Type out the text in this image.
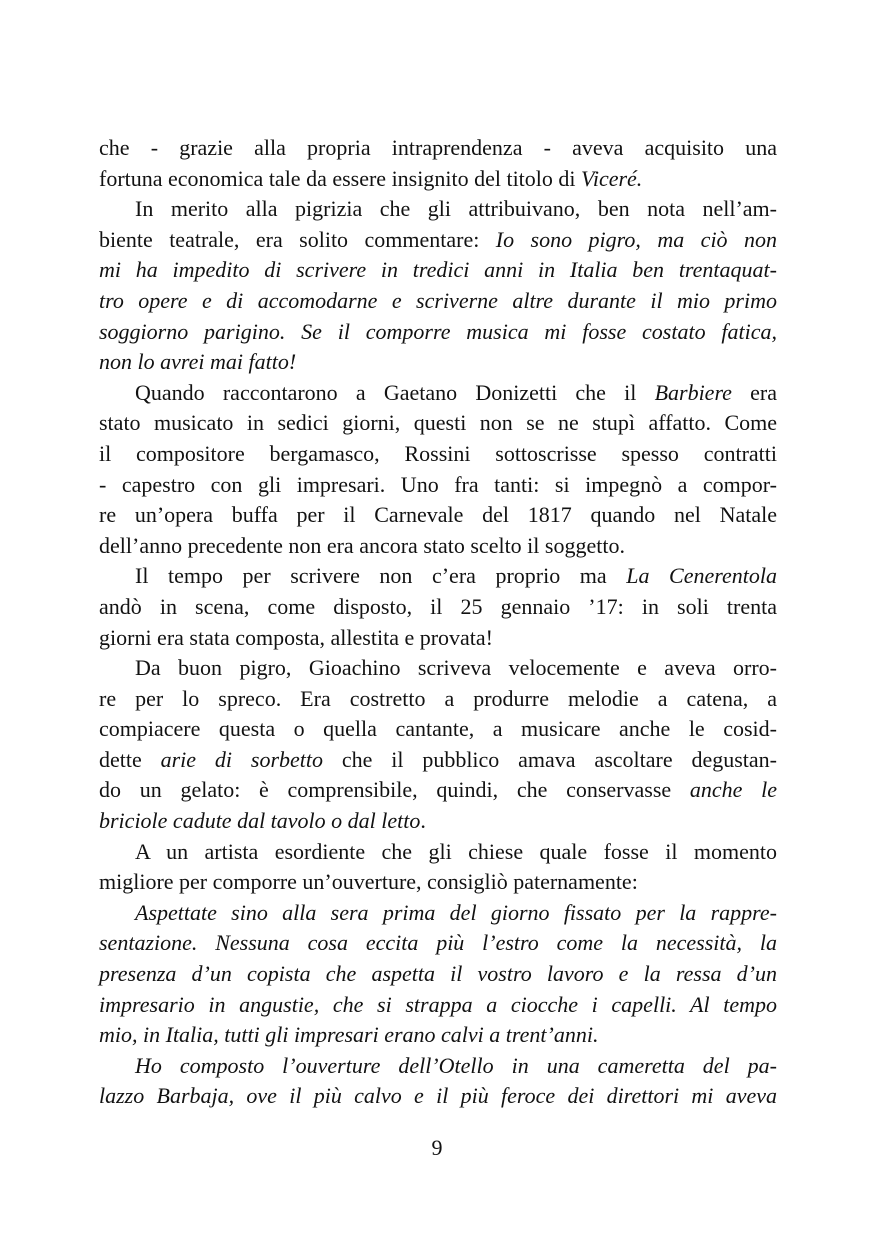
che - grazie alla propria intraprendenza - aveva acquisito una
fortuna economica tale da essere insignito del titolo di Viceré.
In merito alla pigrizia che gli attribuivano, ben nota nell’am-
biente teatrale, era solito commentare: Io sono pigro, ma ciò non
mi ha impedito di scrivere in tredici anni in Italia ben trentaquat-
tro opere e di accomodarne e scriverne altre durante il mio primo
soggiorno parigino. Se il comporre musica mi fosse costato fatica,
non lo avrei mai fatto!
Quando raccontarono a Gaetano Donizetti che il Barbiere era
stato musicato in sedici giorni, questi non se ne stupì affatto. Come
il compositore bergamasco, Rossini sottoscrisse spesso contratti
- capestro con gli impresari. Uno fra tanti: si impegnò a compor-
re un’opera buffa per il Carnevale del 1817 quando nel Natale
dell’anno precedente non era ancora stato scelto il soggetto.
Il tempo per scrivere non c’era proprio ma La Cenerentola
andò in scena, come disposto, il 25 gennaio ’17: in soli trenta
giorni era stata composta, allestita e provata!
Da buon pigro, Gioachino scriveva velocemente e aveva orro-
re per lo spreco. Era costretto a produrre melodie a catena, a
compiacere questa o quella cantante, a musicare anche le cosid-
dette arie di sorbetto che il pubblico amava ascoltare degustan-
do un gelato: è comprensibile, quindi, che conservasse anche le
briciole cadute dal tavolo o dal letto.
A un artista esordiente che gli chiese quale fosse il momento
migliore per comporre un’ouverture, consigliò paternamente:
Aspettate sino alla sera prima del giorno fissato per la rappre-
sentazione. Nessuna cosa eccita più l’estro come la necessità, la
presenza d’un copista che aspetta il vostro lavoro e la ressa d’un
impresario in angustie, che si strappa a ciocche i capelli. Al tempo
mio, in Italia, tutti gli impresari erano calvi a trent’anni.
Ho composto l’ouverture dell’Otello in una cameretta del pa-
lazzo Barbaja, ove il più calvo e il più feroce dei direttori mi aveva
9
